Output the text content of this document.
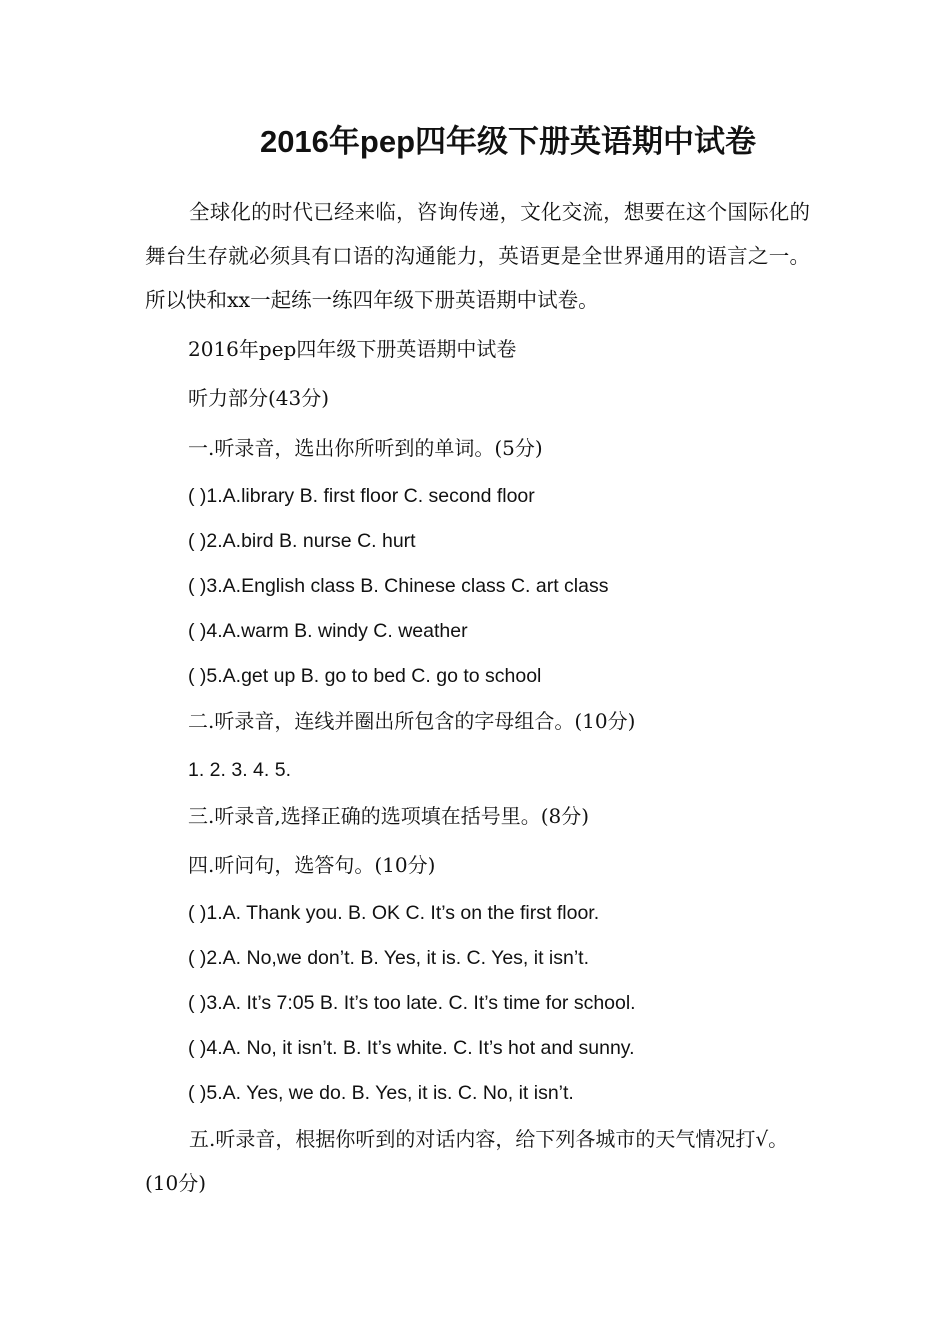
2016年pep四年级下册英语期中试卷
全球化的时代已经来临，咨询传递，文化交流，想要在这个国际化的舞台生存就必须具有口语的沟通能力，英语更是全世界通用的语言之一。所以快和xx一起练一练四年级下册英语期中试卷。
2016年pep四年级下册英语期中试卷
听力部分(43分)
一.听录音，选出你所听到的单词。(5分)
( )1.A.library B. first floor C. second floor
( )2.A.bird B. nurse C. hurt
( )3.A.English class B. Chinese class C. art class
( )4.A.warm B. windy C. weather
( )5.A.get up B. go to bed C. go to school
二.听录音，连线并圈出所包含的字母组合。(10分)
1. 2. 3. 4. 5.
三.听录音,选择正确的选项填在括号里。(8分)
四.听问句，选答句。(10分)
( )1.A. Thank you. B. OK C. It’s on the first floor.
( )2.A. No,we don’t. B. Yes, it is. C. Yes, it isn’t.
( )3.A. It’s 7:05 B. It’s too late. C. It’s time for school.
( )4.A. No, it isn’t. B. It’s white. C. It’s hot and sunny.
( )5.A. Yes, we do. B. Yes, it is. C. No, it isn’t.
五.听录音，根据你听到的对话内容，给下列各城市的天气情况打√。 (10分)
